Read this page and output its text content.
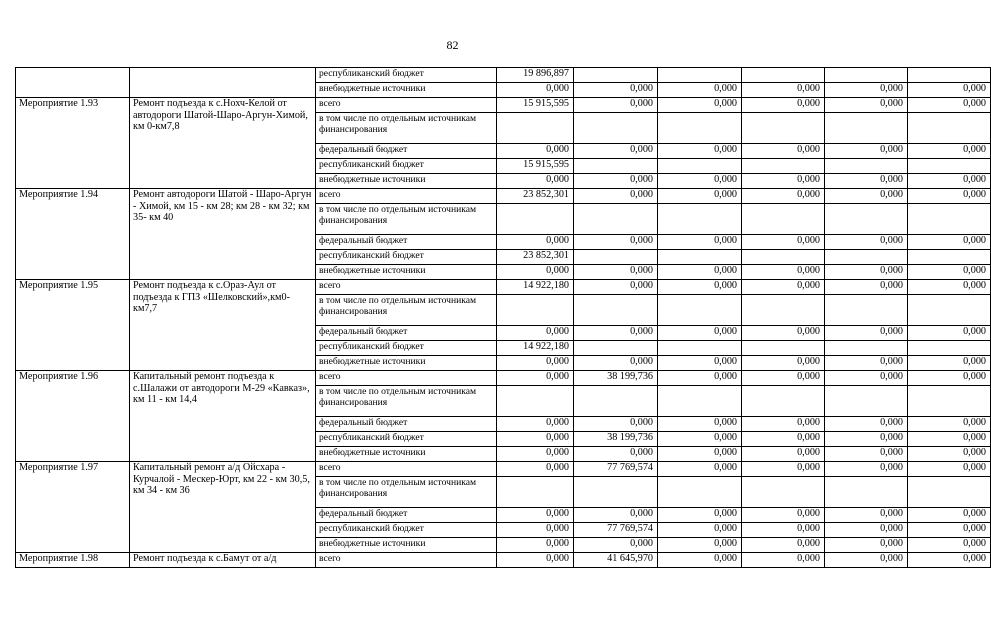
82
		республиканский бюджет	19 896,897					
		внебюджетные источники	0,000	0,000	0,000	0,000	0,000	0,000
Мероприятие 1.93	Ремонт подъезда к с.Нохч-Келой от автодороги Шатой-Шаро-Аргун-Химой, км 0-км7,8	всего	15 915,595	0,000	0,000	0,000	0,000	0,000
		в том числе по отдельным источникам финансирования						
		федеральный бюджет	0,000	0,000	0,000	0,000	0,000	0,000
		республиканский бюджет	15 915,595					
		внебюджетные источники	0,000	0,000	0,000	0,000	0,000	0,000
Мероприятие 1.94	Ремонт автодороги Шатой - Шаро-Аргун - Химой, км 15 - км 28; км 28 - км 32; км 35- км 40	всего	23 852,301	0,000	0,000	0,000	0,000	0,000
		в том числе по отдельным источникам финансирования						
		федеральный бюджет	0,000	0,000	0,000	0,000	0,000	0,000
		республиканский бюджет	23 852,301					
		внебюджетные источники	0,000	0,000	0,000	0,000	0,000	0,000
Мероприятие 1.95	Ремонт подъезда к с.Ораз-Аул от подъезда к ГПЗ «Шелковский»,км0-км7,7	всего	14 922,180	0,000	0,000	0,000	0,000	0,000
		в том числе по отдельным источникам финансирования						
		федеральный бюджет	0,000	0,000	0,000	0,000	0,000	0,000
		республиканский бюджет	14 922,180					
		внебюджетные источники	0,000	0,000	0,000	0,000	0,000	0,000
Мероприятие 1.96	Капитальный ремонт подъезда к с.Шалажи от автодороги М-29 «Кавказ», км 11 - км 14,4	всего	0,000	38 199,736	0,000	0,000	0,000	0,000
		в том числе по отдельным источникам финансирования						
		федеральный бюджет	0,000	0,000	0,000	0,000	0,000	0,000
		республиканский бюджет	0,000	38 199,736	0,000	0,000	0,000	0,000
		внебюджетные источники	0,000	0,000	0,000	0,000	0,000	0,000
Мероприятие 1.97	Капитальный ремонт а/д Ойсхара - Курчалой - Мескер-Юрт, км 22 - км 30,5, км 34 - км 36	всего	0,000	77 769,574	0,000	0,000	0,000	0,000
		в том числе по отдельным источникам финансирования						
		федеральный бюджет	0,000	0,000	0,000	0,000	0,000	0,000
		республиканский бюджет	0,000	77 769,574	0,000	0,000	0,000	0,000
		внебюджетные источники	0,000	0,000	0,000	0,000	0,000	0,000
Мероприятие 1.98	Ремонт подъезда к с.Бамут от а/д	всего	0,000	41 645,970	0,000	0,000	0,000	0,000
